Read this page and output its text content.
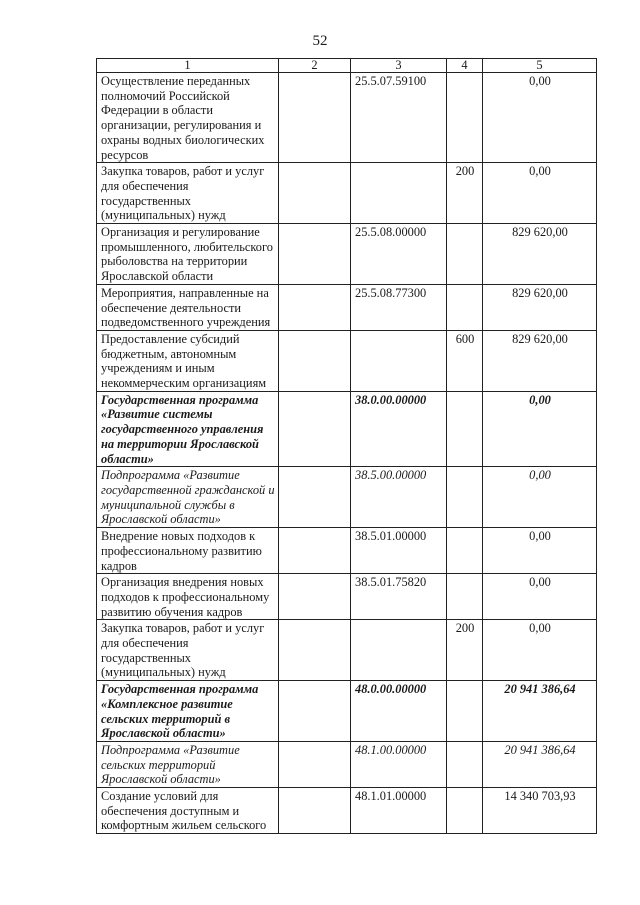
52
1	2	3	4	5
Осуществление переданных полномочий Российской Федерации в области организации, регулирования и охраны водных биологических ресурсов		25.5.07.59100		0,00
Закупка товаров, работ и услуг для обеспечения государственных (муниципальных) нужд			200	0,00
Организация и регулирование промышленного, любительского рыболовства на территории Ярославской области		25.5.08.00000		829 620,00
Мероприятия, направленные на обеспечение деятельности подведомственного учреждения		25.5.08.77300		829 620,00
Предоставление субсидий бюджетным, автономным учреждениям и иным некоммерческим организациям			600	829 620,00
Государственная программа «Развитие системы государственного управления на территории Ярославской области»		38.0.00.00000		0,00
Подпрограмма «Развитие государственной гражданской и муниципальной службы в Ярославской области»		38.5.00.00000		0,00
Внедрение новых подходов к профессиональному развитию кадров		38.5.01.00000		0,00
Организация внедрения новых подходов к профессиональному развитию обучения кадров		38.5.01.75820		0,00
Закупка товаров, работ и услуг для обеспечения государственных (муниципальных) нужд			200	0,00
Государственная программа «Комплексное развитие сельских территорий в Ярославской области»		48.0.00.00000		20 941 386,64
Подпрограмма «Развитие сельских территорий Ярославской области»		48.1.00.00000		20 941 386,64
Создание условий для обеспечения доступным и комфортным жильем сельского		48.1.01.00000		14 340 703,93
